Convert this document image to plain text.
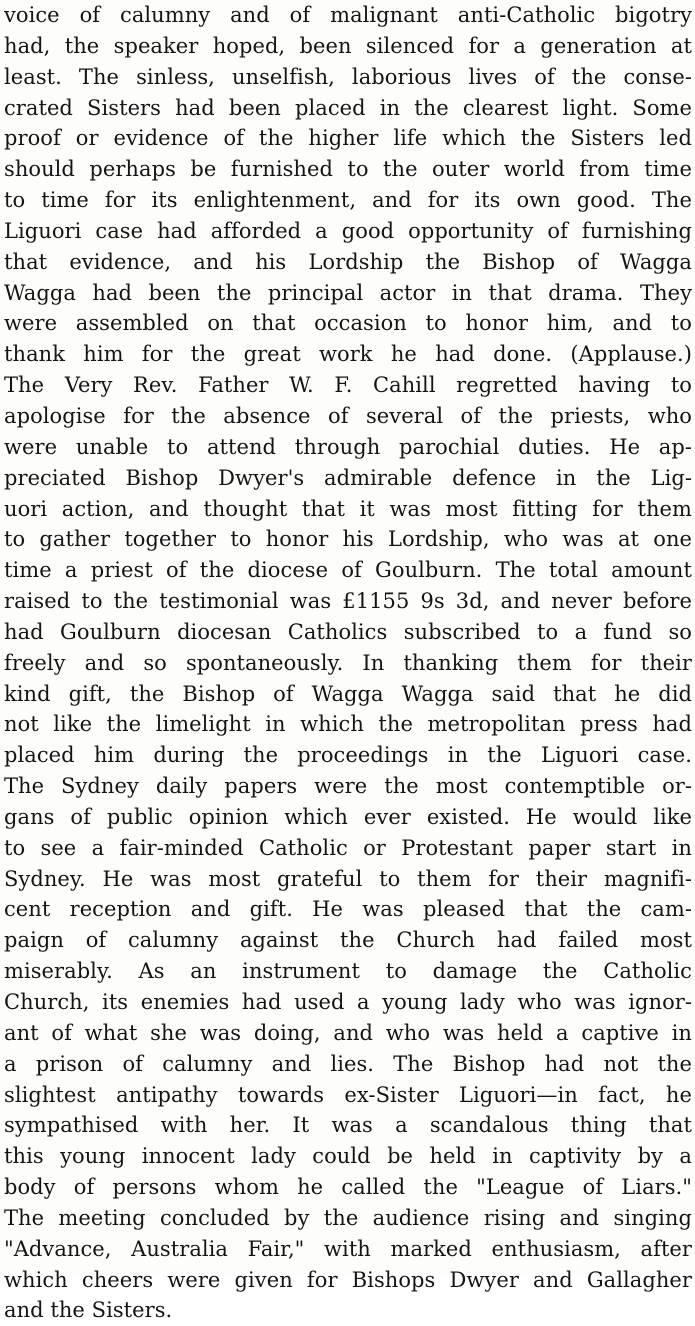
voice of calumny and of malignant anti-Catholic bigotry
had, the speaker hoped, been silenced for a generation at
least. The sinless, unselfish, laborious lives of the conse-
crated Sisters had been placed in the clearest light. Some
proof or evidence of the higher life which the Sisters led
should perhaps be furnished to the outer world from time
to time for its enlightenment, and for its own good. The
Liguori case had afforded a good opportunity of furnishing
that evidence, and his Lordship the Bishop of Wagga
Wagga had been the principal actor in that drama. They
were assembled on that occasion to honor him, and to
thank him for the great work he had done. (Applause.)
The Very Rev. Father W. F. Cahill regretted having to
apologise for the absence of several of the priests, who
were unable to attend through parochial duties. He ap-
preciated Bishop Dwyer's admirable defence in the Lig-
uori action, and thought that it was most fitting for them
to gather together to honor his Lordship, who was at one
time a priest of the diocese of Goulburn. The total amount
raised to the testimonial was £1155 9s 3d, and never before
had Goulburn diocesan Catholics subscribed to a fund so
freely and so spontaneously. In thanking them for their
kind gift, the Bishop of Wagga Wagga said that he did
not like the limelight in which the metropolitan press had
placed him during the proceedings in the Liguori case.
The Sydney daily papers were the most contemptible or-
gans of public opinion which ever existed. He would like
to see a fair-minded Catholic or Protestant paper start in
Sydney. He was most grateful to them for their magnifi-
cent reception and gift. He was pleased that the cam-
paign of calumny against the Church had failed most
miserably. As an instrument to damage the Catholic
Church, its enemies had used a young lady who was ignor-
ant of what she was doing, and who was held a captive in
a prison of calumny and lies. The Bishop had not the
slightest antipathy towards ex-Sister Liguori—in fact, he
sympathised with her. It was a scandalous thing that
this young innocent lady could be held in captivity by a
body of persons whom he called the "League of Liars."
The meeting concluded by the audience rising and singing
"Advance, Australia Fair," with marked enthusiasm, after
which cheers were given for Bishops Dwyer and Gallagher
and the Sisters.
